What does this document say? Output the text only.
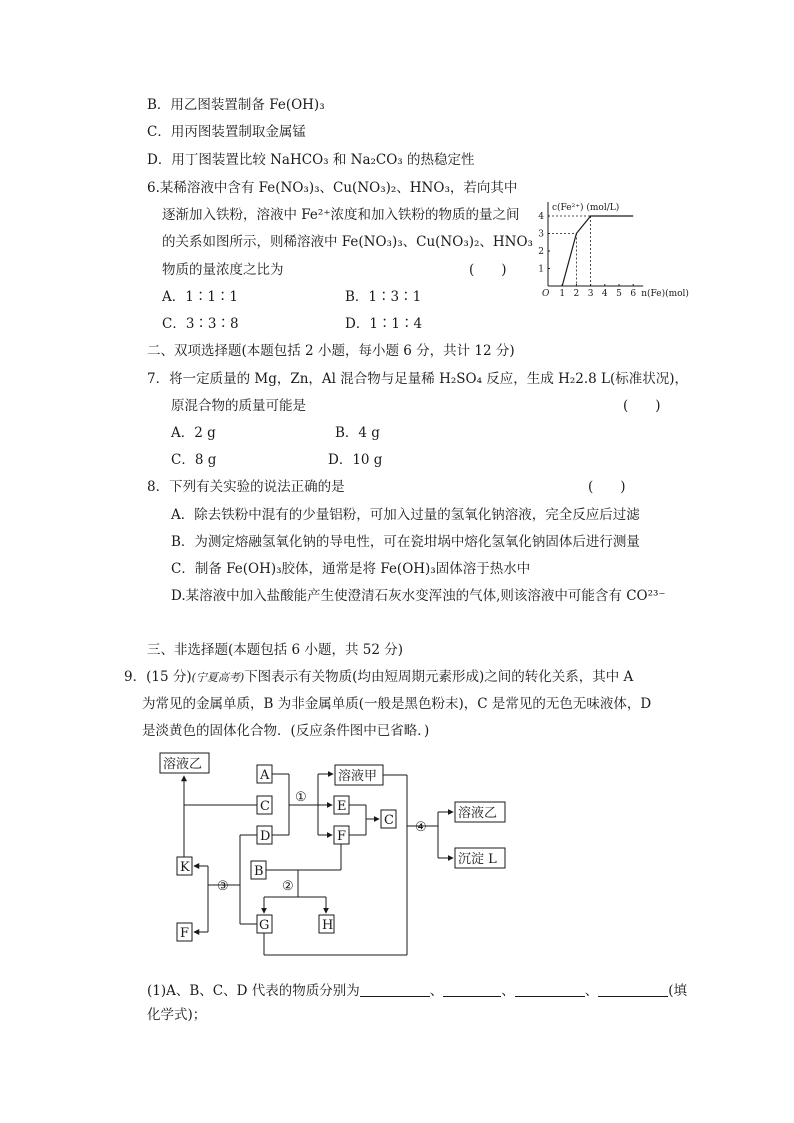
B．用乙图装置制备 Fe(OH)₃
C．用丙图装置制取金属锰
D．用丁图装置比较 NaHCO₃ 和 Na₂CO₃ 的热稳定性
6.某稀溶液中含有 Fe(NO₃)₃、Cu(NO₃)₂、HNO₃，若向其中
逐渐加入铁粉，溶液中 Fe²⁺浓度和加入铁粉的物质的量之间
的关系如图所示，则稀溶液中 Fe(NO₃)₃、Cu(NO₃)₂、HNO₃
物质的量浓度之比为	(　　)
A．1∶1∶1	B．1∶3∶1
C．3∶3∶8	D．1∶1∶4
1 2 3 4 5 6
1
2
3
4
O
c(Fe²⁺) (mol/L)
n(Fe)(mol)
二、双项选择题(本题包括 2 小题，每小题 6 分，共计 12 分)
7．将一定质量的 Mg，Zn，Al 混合物与足量稀 H₂SO₄ 反应，生成 H₂2.8 L(标准状况)，
原混合物的质量可能是	(　　)
A．2 g	B．4 g
C．8 g	D．10 g
8．下列有关实验的说法正确的是	(　　)
A．除去铁粉中混有的少量铝粉，可加入过量的氢氧化钠溶液，完全反应后过滤
B．为测定熔融氢氧化钠的导电性，可在瓷坩埚中熔化氢氧化钠固体后进行测量
C．制备 Fe(OH)₃胶体，通常是将 Fe(OH)₃固体溶于热水中
D.某溶液中加入盐酸能产生使澄清石灰水变浑浊的气体,则该溶液中可能含有 CO²³⁻
三、非选择题(本题包括 6 小题，共 52 分)
9．(15 分)(宁夏高考)下图表示有关物质(均由短周期元素形成)之间的转化关系，其中 A
为常见的金属单质，B 为非金属单质(一般是黑色粉末)，C 是常见的无色无味液体，D
是淡黄色的固体化合物．(反应条件图中已省略．)
溶液乙
A
C
D
溶液甲
E
F
C	溶液乙
沉淀 L
K	B
F
G	H
①
②
③
④
(1)A、B、C、D 代表的物质分别为	、	、	、	(填
化学式)；
